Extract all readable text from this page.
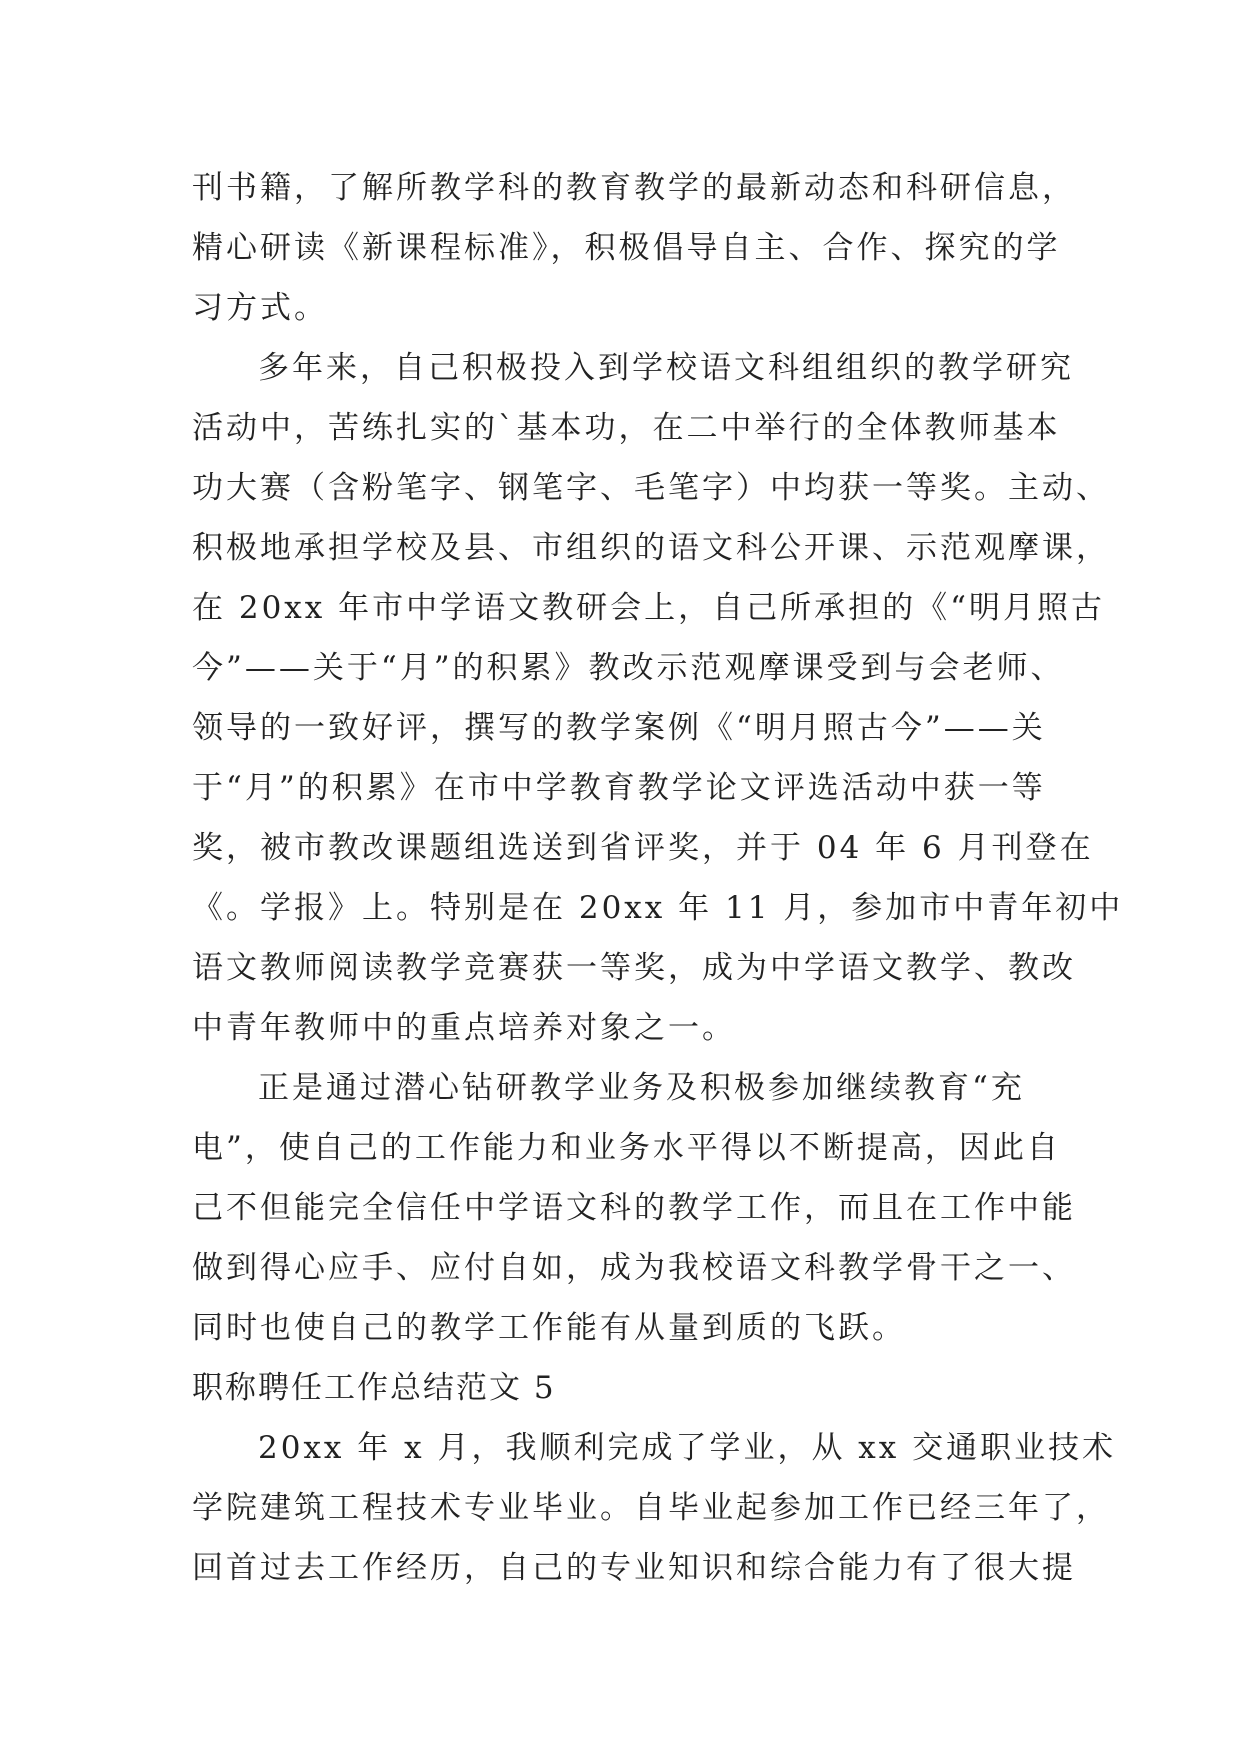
刊书籍，了解所教学科的教育教学的最新动态和科研信息，
精心研读《新课程标准》，积极倡导自主、合作、探究的学
习方式。
多年来，自己积极投入到学校语文科组组织的教学研究
活动中，苦练扎实的`基本功，在二中举行的全体教师基本
功大赛（含粉笔字、钢笔字、毛笔字）中均获一等奖。主动、
积极地承担学校及县、市组织的语文科公开课、示范观摩课，
在 20xx 年市中学语文教研会上，自己所承担的《“明月照古
今”——关于“月”的积累》教改示范观摩课受到与会老师、
领导的一致好评，撰写的教学案例《“明月照古今”——关
于“月”的积累》在市中学教育教学论文评选活动中获一等
奖，被市教改课题组选送到省评奖，并于 04 年 6 月刊登在
《。学报》上。特别是在 20xx 年 11 月，参加市中青年初中
语文教师阅读教学竞赛获一等奖，成为中学语文教学、教改
中青年教师中的重点培养对象之一。
正是通过潜心钻研教学业务及积极参加继续教育“充
电”，使自己的工作能力和业务水平得以不断提高，因此自
己不但能完全信任中学语文科的教学工作，而且在工作中能
做到得心应手、应付自如，成为我校语文科教学骨干之一、
同时也使自己的教学工作能有从量到质的飞跃。
职称聘任工作总结范文 5
20xx 年 x 月，我顺利完成了学业，从 xx 交通职业技术
学院建筑工程技术专业毕业。自毕业起参加工作已经三年了，
回首过去工作经历，自己的专业知识和综合能力有了很大提
